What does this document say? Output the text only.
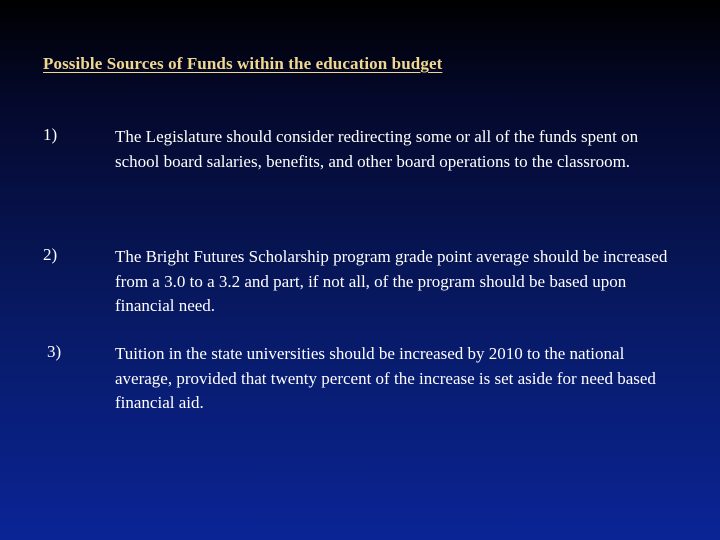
Possible Sources of Funds within the education budget
1)	The Legislature should consider redirecting some or all of the funds spent on school board salaries, benefits, and other board operations to the classroom.
2)	The Bright Futures Scholarship program grade point average should be increased from a 3.0 to a 3.2 and part, if not all, of the program should be based upon financial need.
3)	Tuition in the state universities should be increased by 2010 to the national average, provided that twenty percent of the increase is set aside for need based financial aid.
